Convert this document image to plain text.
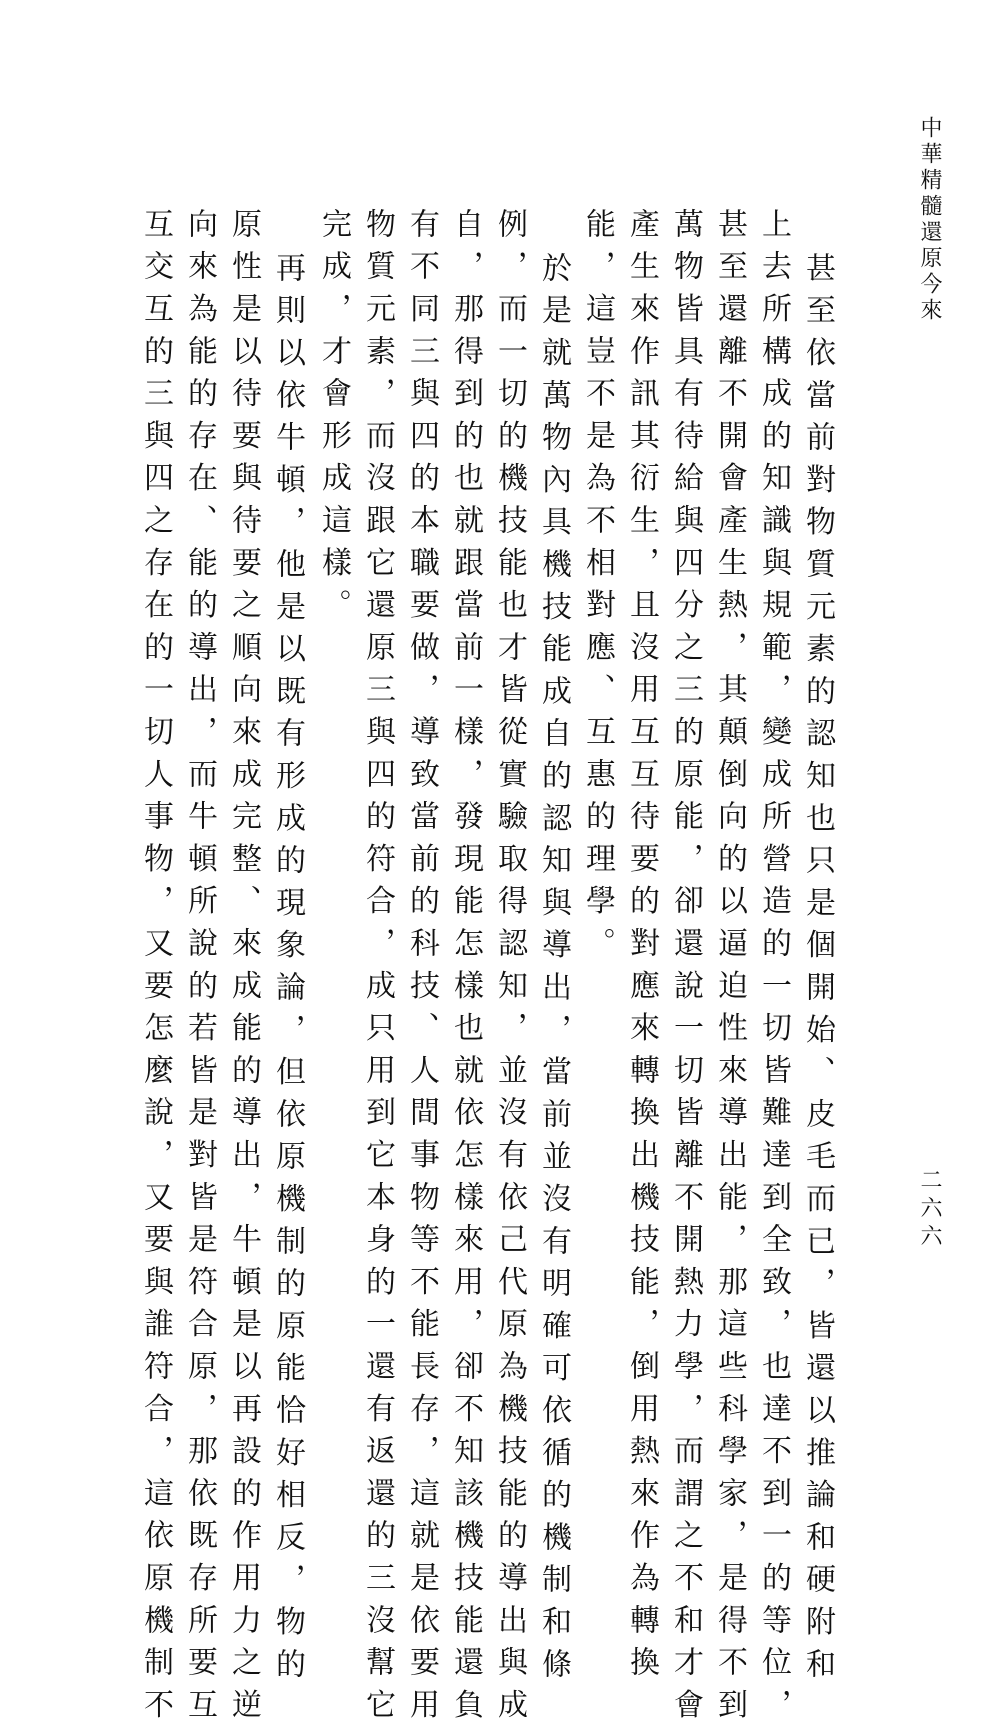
中華精髓還原今來
二六六
甚至依當前對物質元素的認知也只是個開始、皮毛而已，皆還以推論和硬附和
上去所構成的知識與規範，變成所營造的一切皆難達到全致，也達不到一的等位，
甚至還離不開會產生熱，其顛倒向的以逼迫性來導出能，那這些科學家，是得不到
萬物皆具有待給與四分之三的原能，卻還說一切皆離不開熱力學，而謂之不和才會
產生來作訊其衍生，且沒用互互待要的對應來轉換出機技能，倒用熱來作為轉換
能，這豈不是為不相對應、互惠的理學。
於是就萬物內具機技能成自的認知與導出，當前並沒有明確可依循的機制和條
例，而一切的機技能也才皆從實驗取得認知，並沒有依己代原為機技能的導出與成
自，那得到的也就跟當前一樣，發現能怎樣也就依怎樣來用，卻不知該機技能還負
有不同三與四的本職要做，導致當前的科技、人間事物等不能長存，這就是依要用
物質元素，而沒跟它還原三與四的符合，成只用到它本身的一還有返還的三沒幫它
完成，才會形成這樣。
再則以依牛頓，他是以既有形成的現象論，但依原機制的原能恰好相反，物的
原性是以待要與待要之順向來成完整、來成能的導出，牛頓是以再設的作用力之逆
向來為能的存在、能的導出，而牛頓所說的若皆是對皆是符合原，那依既存所要互
互交互的三與四之存在的一切人事物，又要怎麼說，又要與誰符合，這依原機制不
